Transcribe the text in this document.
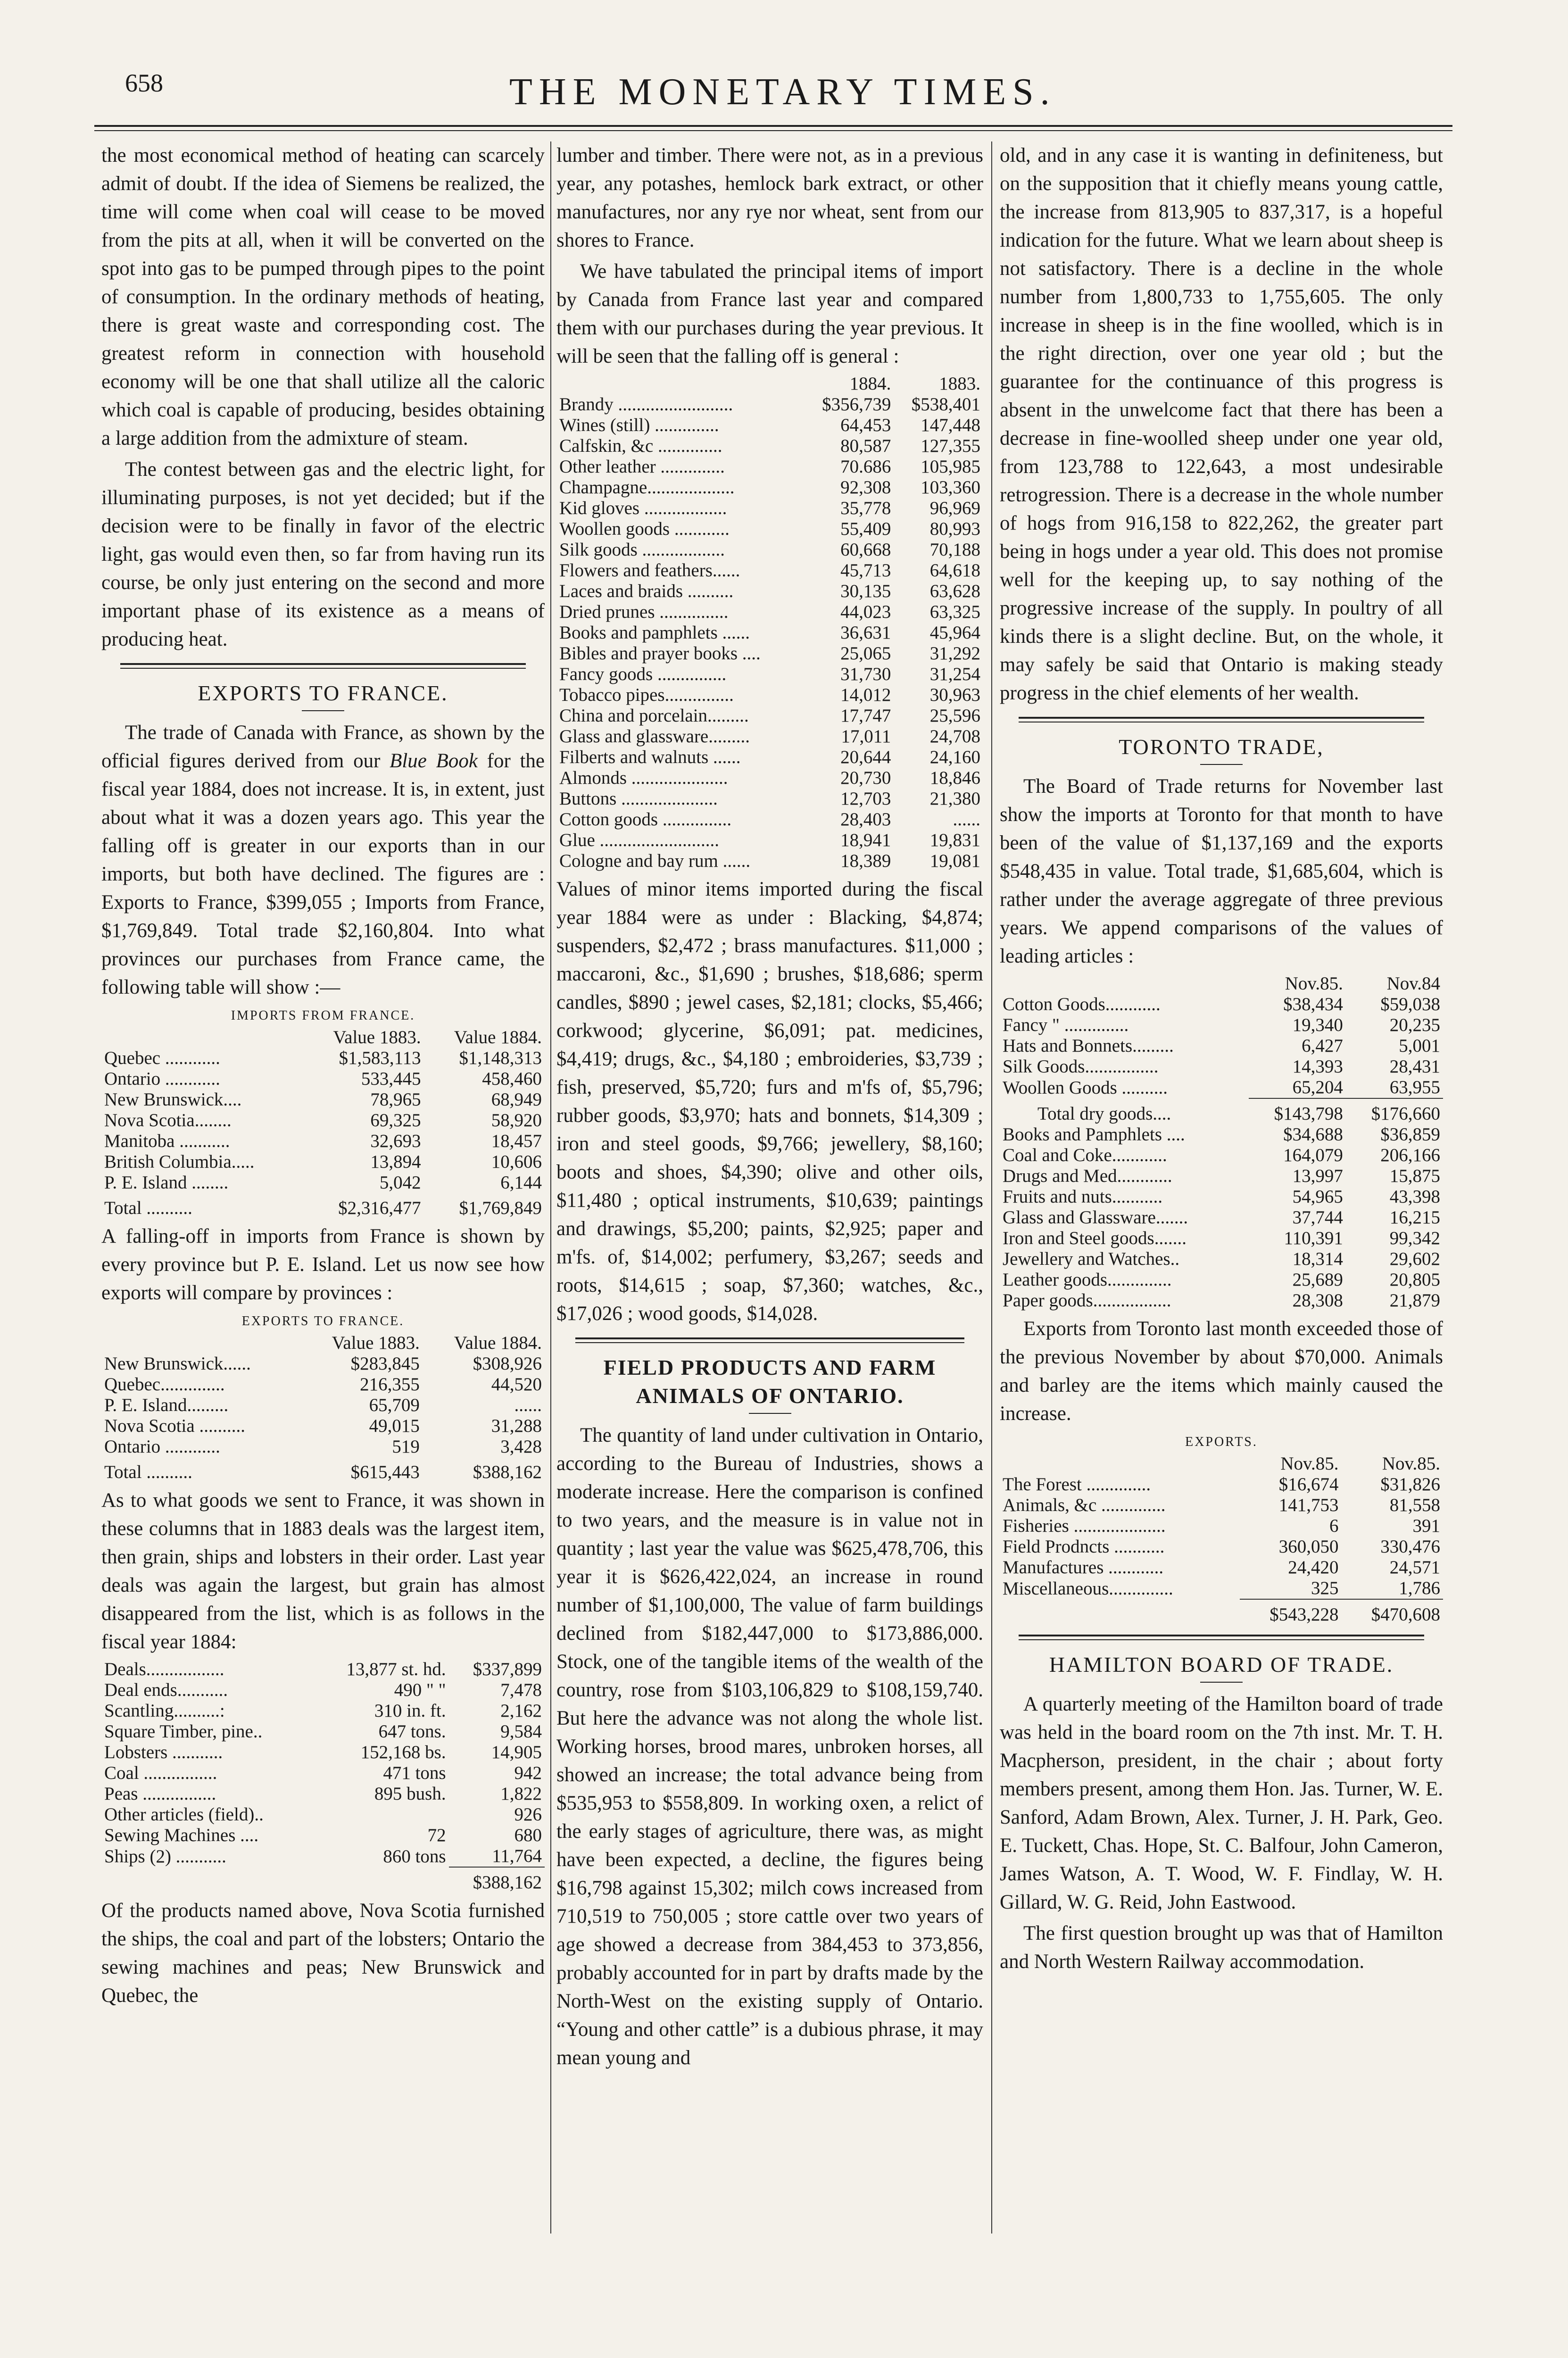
658	THE MONETARY TIMES.

the most economical method of heating can scarcely admit of doubt. If the idea of Siemens be realized, the time will come when coal will cease to be moved from the pits at all, when it will be converted on the spot into gas to be pumped through pipes to the point of consumption. In the ordinary methods of heating, there is great waste and corresponding cost. The greatest reform in connection with household economy will be one that shall utilize all the caloric which coal is capable of producing, besides obtaining a large addition from the admixture of steam.

The contest between gas and the electric light, for illuminating purposes, is not yet decided; but if the decision were to be finally in favor of the electric light, gas would even then, so far from having run its course, be only just entering on the second and more important phase of its existence as a means of producing heat.

EXPORTS TO FRANCE.

The trade of Canada with France, as shown by the official figures derived from our Blue Book for the fiscal year 1884, does not increase. It is, in extent, just about what it was a dozen years ago. This year the falling off is greater in our exports than in our imports, but both have declined. The figures are : Exports to France, $399,055 ; Imports from France, $1,769,849. Total trade $2,160,804. Into what provinces our purchases from France came, the following table will show :—

IMPORTS FROM FRANCE.
	Value 1883.	Value 1884.
Quebec ............	$1,583,113	$1,148,313
Ontario ............	533,445	458,460
New Brunswick....	78,965	68,949
Nova Scotia........	69,325	58,920
Manitoba ...........	32,693	18,457
British Columbia.....	13,894	10,606
P. E. Island ........	5,042	6,144
Total ..........	$2,316,477	$1,769,849

A falling-off in imports from France is shown by every province but P. E. Island. Let us now see how exports will compare by provinces :

EXPORTS TO FRANCE.
	Value 1883.	Value 1884.
New Brunswick......	$283,845	$308,926
Quebec..............	216,355	44,520
P. E. Island.........	65,709	......
Nova Scotia ..........	49,015	31,288
Ontario ............	519	3,428
Total ..........	$615,443	$388,162

As to what goods we sent to France, it was shown in these columns that in 1883 deals was the largest item, then grain, ships and lobsters in their order. Last year deals was again the largest, but grain has almost disappeared from the list, which is as follows in the fiscal year 1884:

Deals.................	13,877 st. hd.	$337,899
Deal ends...........	490 " "	7,478
Scantling..........:	310 in. ft.	2,162
Square Timber, pine..	647 tons.	9,584
Lobsters ...........	152,168 bs.	14,905
Coal ................	471 tons	942
Peas ................	895 bush.	1,822
Other articles (field)..		926
Sewing Machines ....	72	680
Ships (2) ...........	860 tons	11,764
		$388,162

Of the products named above, Nova Scotia furnished the ships, the coal and part of the lobsters; Ontario the sewing machines and peas; New Brunswick and Quebec, the

lumber and timber. There were not, as in a previous year, any potashes, hemlock bark extract, or other manufactures, nor any rye nor wheat, sent from our shores to France.

We have tabulated the principal items of import by Canada from France last year and compared them with our purchases during the year previous. It will be seen that the falling off is general :

	1884.	1883.
Brandy .........................	$356,739	$538,401
Wines (still) ..............	64,453	147,448
Calfskin, &c ..............	80,587	127,355
Other leather ..............	70.686	105,985
Champagne...................	92,308	103,360
Kid gloves ..................	35,778	96,969
Woollen goods ............	55,409	80,993
Silk goods ..................	60,668	70,188
Flowers and feathers......	45,713	64,618
Laces and braids ..........	30,135	63,628
Dried prunes ...............	44,023	63,325
Books and pamphlets ......	36,631	45,964
Bibles and prayer books ....	25,065	31,292
Fancy goods ...............	31,730	31,254
Tobacco pipes...............	14,012	30,963
China and porcelain.........	17,747	25,596
Glass and glassware.........	17,011	24,708
Filberts and walnuts ......	20,644	24,160
Almonds .....................	20,730	18,846
Buttons .....................	12,703	21,380
Cotton goods ...............	28,403	......
Glue ..........................	18,941	19,831
Cologne and bay rum ......	18,389	19,081

Values of minor items imported during the fiscal year 1884 were as under : Blacking, $4,874; suspenders, $2,472 ; brass manufactures. $11,000 ; maccaroni, &c., $1,690 ; brushes, $18,686; sperm candles, $890 ; jewel cases, $2,181; clocks, $5,466; corkwood; glycerine, $6,091; pat. medicines, $4,419; drugs, &c., $4,180 ; embroideries, $3,739 ; fish, preserved, $5,720; furs and m'fs of, $5,796; rubber goods, $3,970; hats and bonnets, $14,309 ; iron and steel goods, $9,766; jewellery, $8,160; boots and shoes, $4,390; olive and other oils, $11,480 ; optical instruments, $10,639; paintings and drawings, $5,200; paints, $2,925; paper and m'fs. of, $14,002; perfumery, $3,267; seeds and roots, $14,615 ; soap, $7,360; watches, &c., $17,026 ; wood goods, $14,028.

FIELD PRODUCTS AND FARM ANIMALS OF ONTARIO.

The quantity of land under cultivation in Ontario, according to the Bureau of Industries, shows a moderate increase. Here the comparison is confined to two years, and the measure is in value not in quantity ; last year the value was $625,478,706, this year it is $626,422,024, an increase in round number of $1,100,000, The value of farm buildings declined from $182,447,000 to $173,886,000. Stock, one of the tangible items of the wealth of the country, rose from $103,106,829 to $108,159,740. But here the advance was not along the whole list. Working horses, brood mares, unbroken horses, all showed an increase; the total advance being from $535,953 to $558,809. In working oxen, a relict of the early stages of agriculture, there was, as might have been expected, a decline, the figures being $16,798 against 15,302; milch cows increased from 710,519 to 750,005 ; store cattle over two years of age showed a decrease from 384,453 to 373,856, probably accounted for in part by drafts made by the North-West on the existing supply of Ontario. “Young and other cattle” is a dubious phrase, it may mean young and

old, and in any case it is wanting in definiteness, but on the supposition that it chiefly means young cattle, the increase from 813,905 to 837,317, is a hopeful indication for the future. What we learn about sheep is not satisfactory. There is a decline in the whole number from 1,800,733 to 1,755,605. The only increase in sheep is in the fine woolled, which is in the right direction, over one year old ; but the guarantee for the continuance of this progress is absent in the unwelcome fact that there has been a decrease in fine-woolled sheep under one year old, from 123,788 to 122,643, a most undesirable retrogression. There is a decrease in the whole number of hogs from 916,158 to 822,262, the greater part being in hogs under a year old. This does not promise well for the keeping up, to say nothing of the progressive increase of the supply. In poultry of all kinds there is a slight decline. But, on the whole, it may safely be said that Ontario is making steady progress in the chief elements of her wealth.

TORONTO TRADE,

The Board of Trade returns for November last show the imports at Toronto for that month to have been of the value of $1,137,169 and the exports $548,435 in value. Total trade, $1,685,604, which is rather under the average aggregate of three previous years. We append comparisons of the values of leading articles :

	Nov.85.	Nov.84
Cotton Goods............	$38,434	$59,038
Fancy " ..............	19,340	20,235
Hats and Bonnets.........	6,427	5,001
Silk Goods................	14,393	28,431
Woollen Goods ..........	65,204	63,955
Total dry goods....	$143,798	$176,660
Books and Pamphlets ....	$34,688	$36,859
Coal and Coke............	164,079	206,166
Drugs and Med............	13,997	15,875
Fruits and nuts...........	54,965	43,398
Glass and Glassware.......	37,744	16,215
Iron and Steel goods.......	110,391	99,342
Jewellery and Watches..	18,314	29,602
Leather goods..............	25,689	20,805
Paper goods.................	28,308	21,879

Exports from Toronto last month exceeded those of the previous November by about $70,000. Animals and barley are the items which mainly caused the increase.

EXPORTS.
	Nov.85.	Nov.85.
The Forest ..............	$16,674	$31,826
Animals, &c ..............	141,753	81,558
Fisheries ....................	6	391
Field Prodncts ...........	360,050	330,476
Manufactures ............	24,420	24,571
Miscellaneous..............	325	1,786
	$543,228	$470,608
HAMILTON BOARD OF TRADE.

A quarterly meeting of the Hamilton board of trade was held in the board room on the 7th inst. Mr. T. H. Macpherson, president, in the chair ; about forty members present, among them Hon. Jas. Turner, W. E. Sanford, Adam Brown, Alex. Turner, J. H. Park, Geo. E. Tuckett, Chas. Hope, St. C. Balfour, John Cameron, James Watson, A. T. Wood, W. F. Findlay, W. H. Gillard, W. G. Reid, John Eastwood.

The first question brought up was that of Hamilton and North Western Railway accommodation.
